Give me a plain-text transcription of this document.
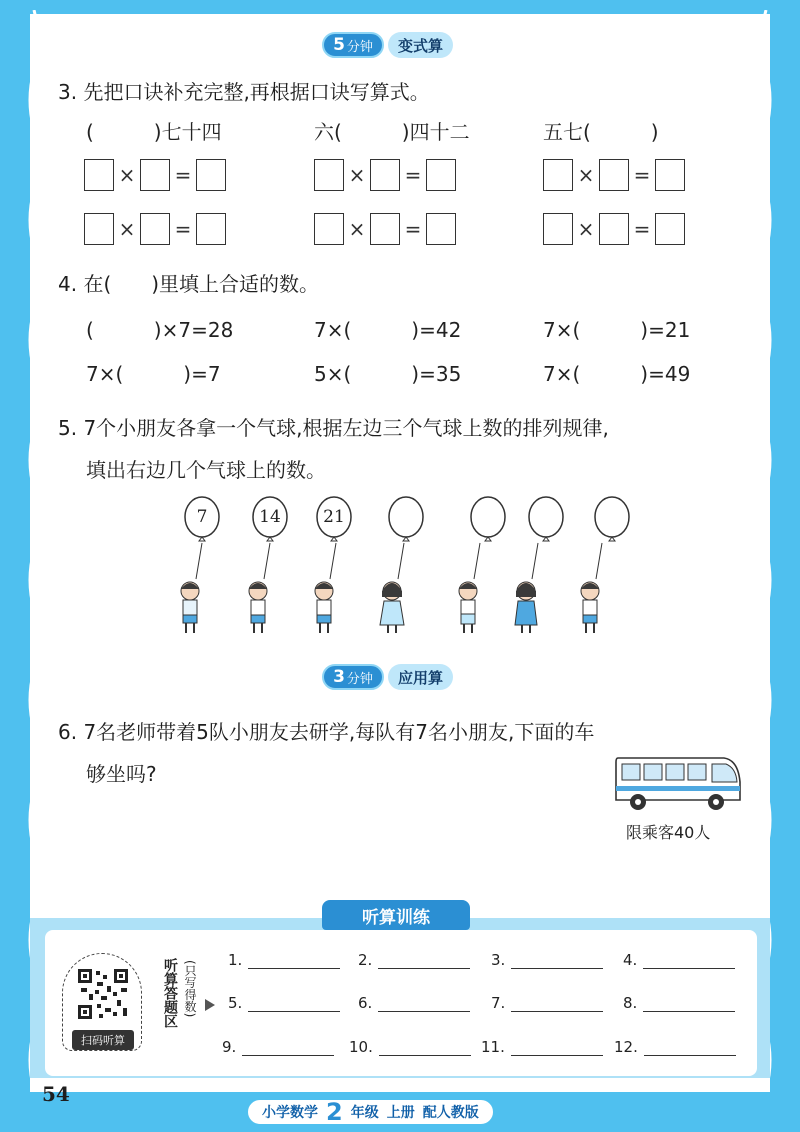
5 分钟	变式算
3. 先把口诀补充完整,再根据口诀写算式。
(　　　)七十四	六(　　　)四十二	五七(　　　)
× =	× =	× =
× =	× =	× =
4. 在(　　)里填上合适的数。
(　　　)×7=28	7×(　　　)=42	7×(　　　)=21
7×(　　　)=7	5×(　　　)=35	7×(　　　)=49
5. 7个小朋友各拿一个气球,根据左边三个气球上数的排列规律,
填出右边几个气球上的数。
7	14	21
3 分钟	应用算
6. 7名老师带着5队小朋友去研学,每队有7名小朋友,下面的车
够坐吗?
限乘客40人
听算训练
扫码听算
听算答题区 (只写得数) 1.	2.	3.	4.
5.	6.	7.	8.
9.	10.	11.	12.
54
小学数学 2 年级 上册 配人教版
